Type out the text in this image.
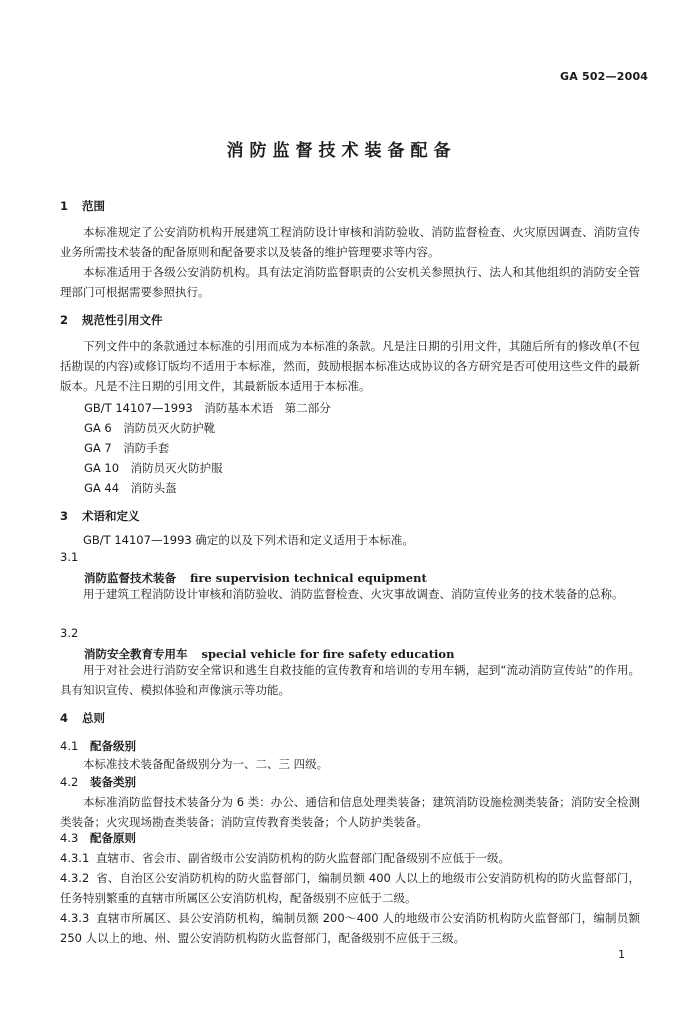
GA 502—2004
消防监督技术装备配备
1 范围
本标准规定了公安消防机构开展建筑工程消防设计审核和消防验收、消防监督检查、火灾原因调查、消防宣传业务所需技术装备的配备原则和配备要求以及装备的维护管理要求等内容。
本标准适用于各级公安消防机构。具有法定消防监督职责的公安机关参照执行、法人和其他组织的消防安全管理部门可根据需要参照执行。
2 规范性引用文件
下列文件中的条款通过本标准的引用而成为本标准的条款。凡是注日期的引用文件，其随后所有的修改单(不包括勘误的内容)或修订版均不适用于本标准，然而，鼓励根据本标准达成协议的各方研究是否可使用这些文件的最新版本。凡是不注日期的引用文件，其最新版本适用于本标准。
GB/T 14107—1993　消防基本术语　第二部分
GA 6　消防员灭火防护靴
GA 7　消防手套
GA 10　消防员灭火防护服
GA 44　消防头盔
3 术语和定义
GB/T 14107—1993 确定的以及下列术语和定义适用于本标准。
3.1
消防监督技术装备 fire supervision technical equipment
用于建筑工程消防设计审核和消防验收、消防监督检查、火灾事故调查、消防宣传业务的技术装备的总称。
3.2
消防安全教育专用车 special vehicle for fire safety education
用于对社会进行消防安全常识和逃生自救技能的宣传教育和培训的专用车辆，起到“流动消防宣传站”的作用。具有知识宣传、模拟体验和声像演示等功能。
4 总则
4.1 配备级别
本标准技术装备配备级别分为一、二、三 四级。
4.2 装备类别
本标准消防监督技术装备分为 6 类：办公、通信和信息处理类装备；建筑消防设施检测类装备；消防安全检测类装备；火灾现场勘查类装备；消防宣传教育类装备；个人防护类装备。
4.3 配备原则
4.3.1 直辖市、省会市、副省级市公安消防机构的防火监督部门配备级别不应低于一级。
4.3.2 省、自治区公安消防机构的防火监督部门，编制员额 400 人以上的地级市公安消防机构的防火监督部门，任务特别繁重的直辖市所属区公安消防机构，配备级别不应低于二级。
4.3.3 直辖市所属区、县公安消防机构，编制员额 200～400 人的地级市公安消防机构防火监督部门，编制员额 250 人以上的地、州、盟公安消防机构防火监督部门，配备级别不应低于三级。
1
